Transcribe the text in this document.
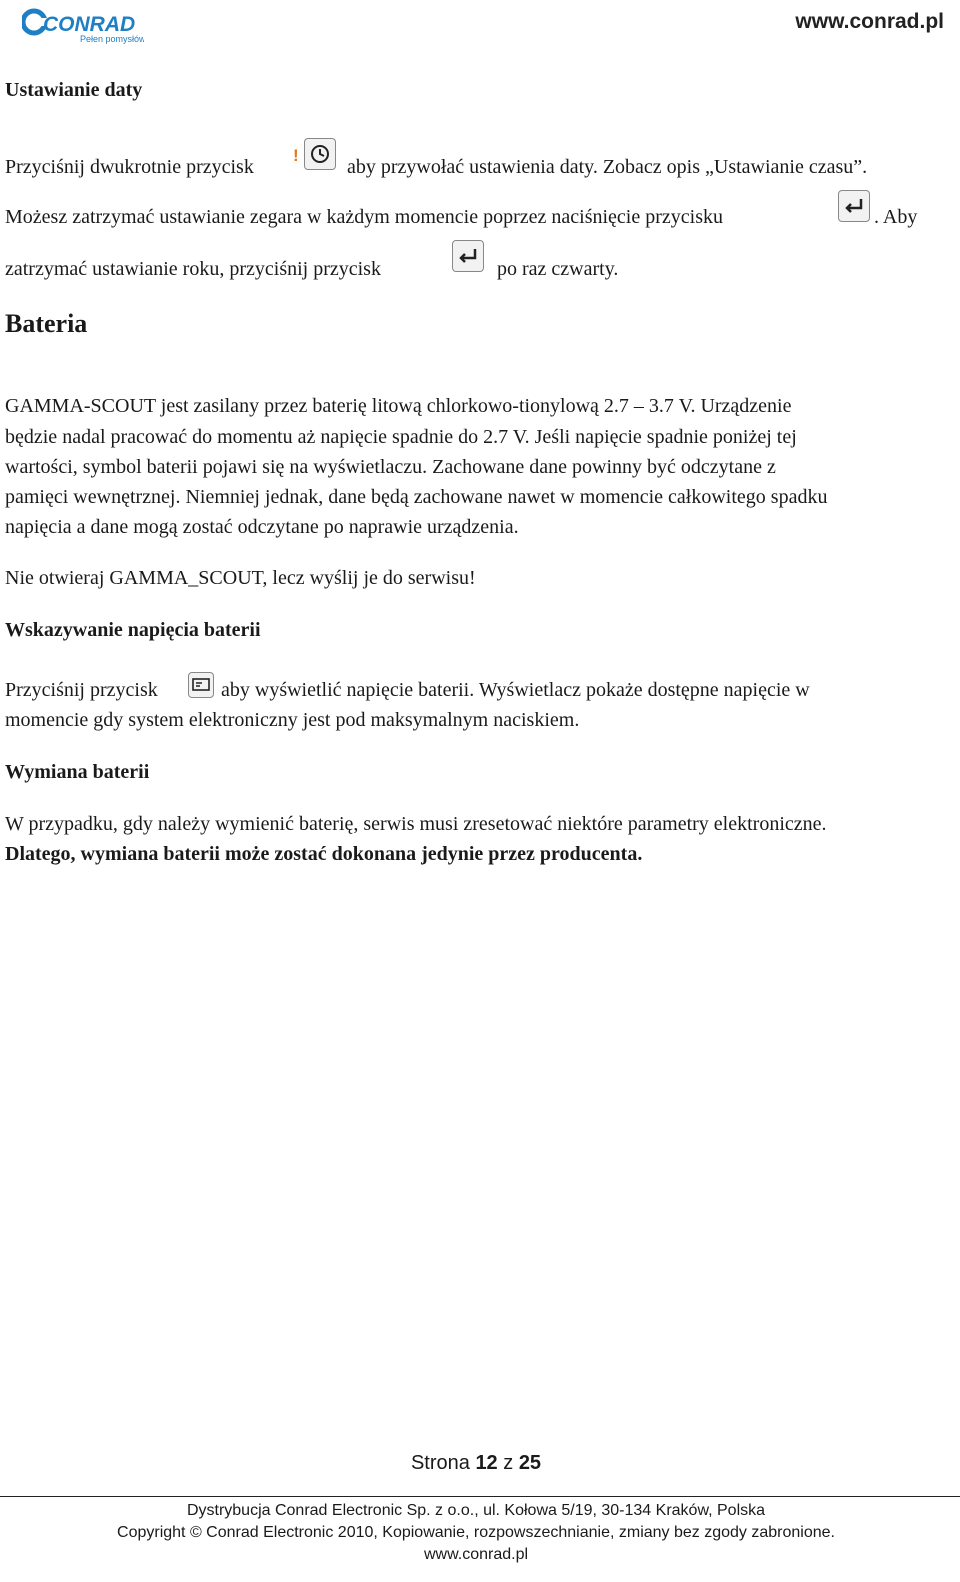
CONRAD
Pełen pomysłów
www.conrad.pl
Ustawianie daty
Przyciśnij dwukrotnie przycisk
!
aby przywołać ustawienia daty. Zobacz opis „Ustawianie czasu”.
Możesz zatrzymać ustawianie zegara w każdym momencie poprzez naciśnięcie przycisku	. Aby
zatrzymać ustawianie roku, przyciśnij przycisk	po raz czwarty.
Bateria
GAMMA-SCOUT jest zasilany przez baterię litową chlorkowo-tionylową 2.7 – 3.7 V. Urządzenie
będzie nadal pracować do momentu aż napięcie spadnie do 2.7 V. Jeśli napięcie spadnie poniżej tej
wartości, symbol baterii pojawi się na wyświetlaczu. Zachowane dane powinny być odczytane z
pamięci wewnętrznej. Niemniej jednak, dane będą zachowane nawet w momencie całkowitego spadku
napięcia a dane mogą zostać odczytane po naprawie urządzenia.
Nie otwieraj GAMMA_SCOUT, lecz wyślij je do serwisu!
Wskazywanie napięcia baterii
Przyciśnij przycisk	aby wyświetlić napięcie baterii. Wyświetlacz pokaże dostępne napięcie w
momencie gdy system elektroniczny jest pod maksymalnym naciskiem.
Wymiana baterii
W przypadku, gdy należy wymienić baterię, serwis musi zresetować niektóre parametry elektroniczne.
Dlatego, wymiana baterii może zostać dokonana jedynie przez producenta.
Strona 12 z 25
Dystrybucja Conrad Electronic Sp. z o.o., ul. Kołowa 5/19, 30-134 Kraków, Polska
Copyright © Conrad Electronic 2010, Kopiowanie, rozpowszechnianie, zmiany bez zgody zabronione.
www.conrad.pl
